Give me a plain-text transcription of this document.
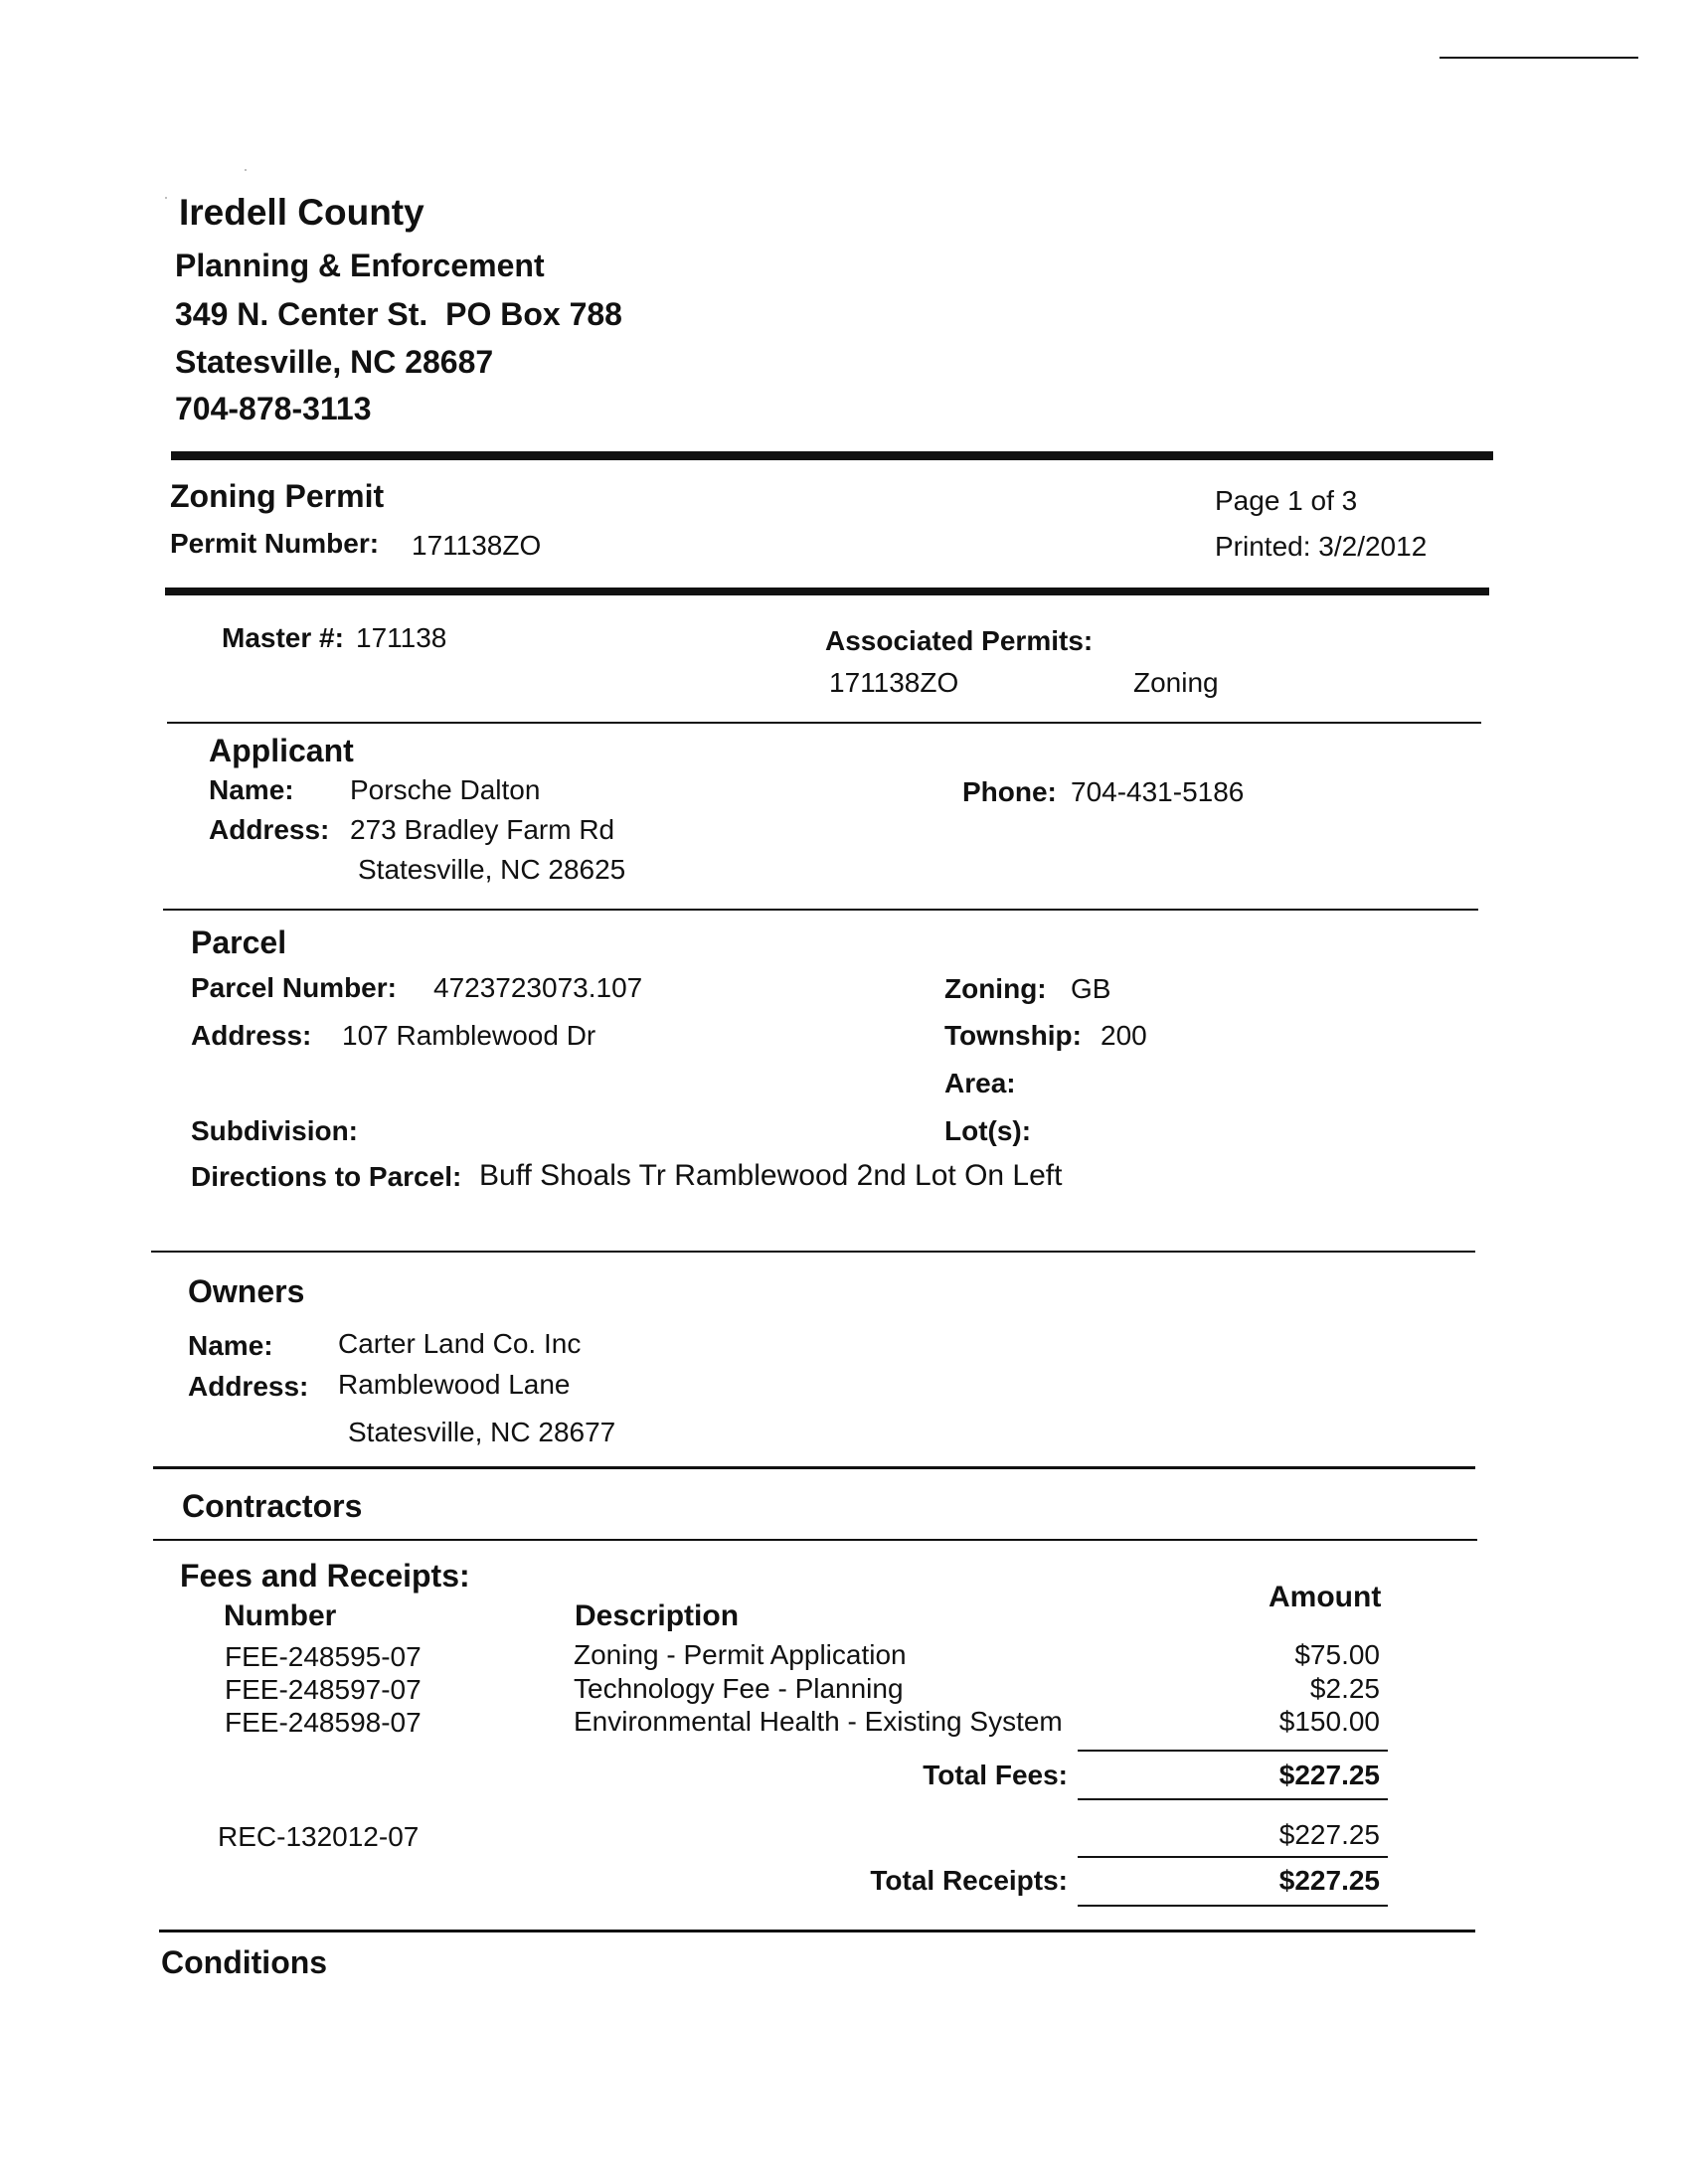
Iredell County
Planning & Enforcement
349 N. Center St.  PO Box 788
Statesville, NC 28687
704-878-3113
Zoning Permit
Permit Number: 171138ZO
Page 1 of 3
Printed: 3/2/2012
Master #: 171138	Associated Permits:
171138ZO	Zoning
Applicant
Name: Porsche Dalton
Address: 273 Bradley Farm Rd
Statesville, NC 28625
Phone: 704-431-5186
Parcel
Parcel Number: 4723723073.107
Address: 107 Ramblewood Dr
Zoning: GB
Township: 200
Area:
Subdivision:	Lot(s):
Directions to Parcel: Buff Shoals Tr Ramblewood 2nd Lot On Left
Owners
Name: Carter Land Co. Inc
Address: Ramblewood Lane
Statesville, NC 28677
Contractors
Fees and Receipts:
Number	Description
Amount
FEE-248595-07	Zoning - Permit Application	$75.00
FEE-248597-07	Technology Fee - Planning	$2.25
FEE-248598-07	Environmental Health - Existing System	$150.00
Total Fees:	$227.25
REC-132012-07	$227.25
Total Receipts:	$227.25
Conditions
